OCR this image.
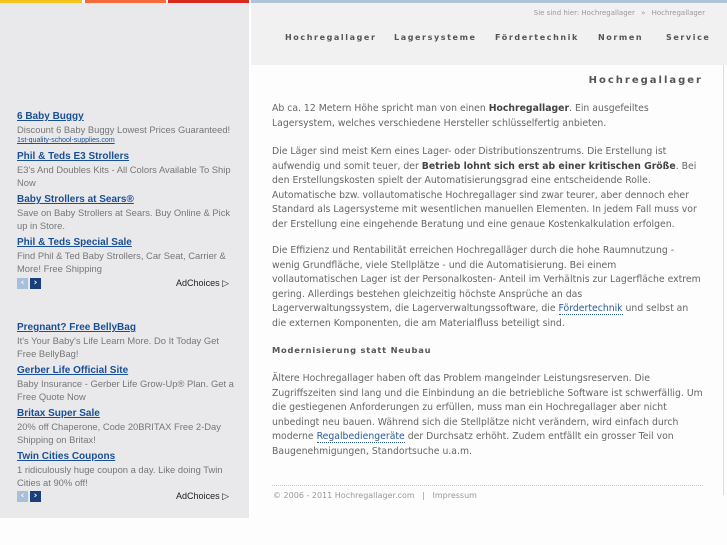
6 Baby Buggy
Discount 6 Baby Buggy Lowest Prices Guaranteed!
1st-quality-school-supplies.com
Phil & Teds E3 Strollers
E3's And Doubles Kits - All Colors Available To Ship Now
Baby Strollers at Sears®
Save on Baby Strollers at Sears. Buy Online & Pick up in Store.
Phil & Teds Special Sale
Find Phil & Ted Baby Strollers, Car Seat, Carrier & More! Free Shipping
‹	›	AdChoices ▷
Pregnant? Free BellyBag
It's Your Baby's Life Learn More. Do It Today Get Free BellyBag!
Gerber Life Official Site
Baby Insurance - Gerber Life Grow-Up® Plan. Get a Free Quote Now
Britax Super Sale
20% off Chaperone, Code 20BRITAX Free 2-Day Shipping on Britax!
Twin Cities Coupons
1 ridiculously huge coupon a day. Like doing Twin Cities at 90% off!
‹	›	AdChoices ▷
Sie sind hier: Hochregallager » Hochregallager
Hochregallager Lagersysteme Fördertechnik Normen	Service
Hochregallager
Ab ca. 12 Metern Höhe spricht man von einen Hochregallager. Ein ausgefeiltes Lagersystem, welches verschiedene Hersteller schlüsselfertig anbieten.
Die Läger sind meist Kern eines Lager- oder Distributionszentrums. Die Erstellung ist aufwendig und somit teuer, der Betrieb lohnt sich erst ab einer kritischen Größe. Bei den Erstellungskosten spielt der Automatisierungsgrad eine entscheidende Rolle. Automatische bzw. vollautomatische Hochregallager sind zwar teurer, aber dennoch eher Standard als Lagersysteme mit wesentlichen manuellen Elementen. In jedem Fall muss vor der Erstellung eine eingehende Beratung und eine genaue Kostenkalkulation erfolgen.
Die Effizienz und Rentabilität erreichen Hochregalläger durch die hohe Raumnutzung - wenig Grundfläche, viele Stellplätze - und die Automatisierung. Bei einem vollautomatischen Lager ist der Personalkosten- Anteil im Verhältnis zur Lagerfläche extrem gering. Allerdings bestehen gleichzeitig höchste Ansprüche an das Lagerverwaltungssystem, die Lagerverwaltungssoftware, die Fördertechnik und selbst an die externen Komponenten, die am Materialfluss beteiligt sind.
Modernisierung statt Neubau
Ältere Hochregallager haben oft das Problem mangelnder Leistungsreserven. Die Zugriffszeiten sind lang und die Einbindung an die betriebliche Software ist schwerfällig. Um die gestiegenen Anforderungen zu erfüllen, muss man ein Hochregallager aber nicht unbedingt neu bauen. Während sich die Stellplätze nicht verändern, wird einfach durch moderne Regalbediengeräte der Durchsatz erhöht. Zudem entfällt ein grosser Teil von Baugenehmigungen, Standortsuche u.a.m.
© 2006 - 2011 Hochregallager.com | Impressum
